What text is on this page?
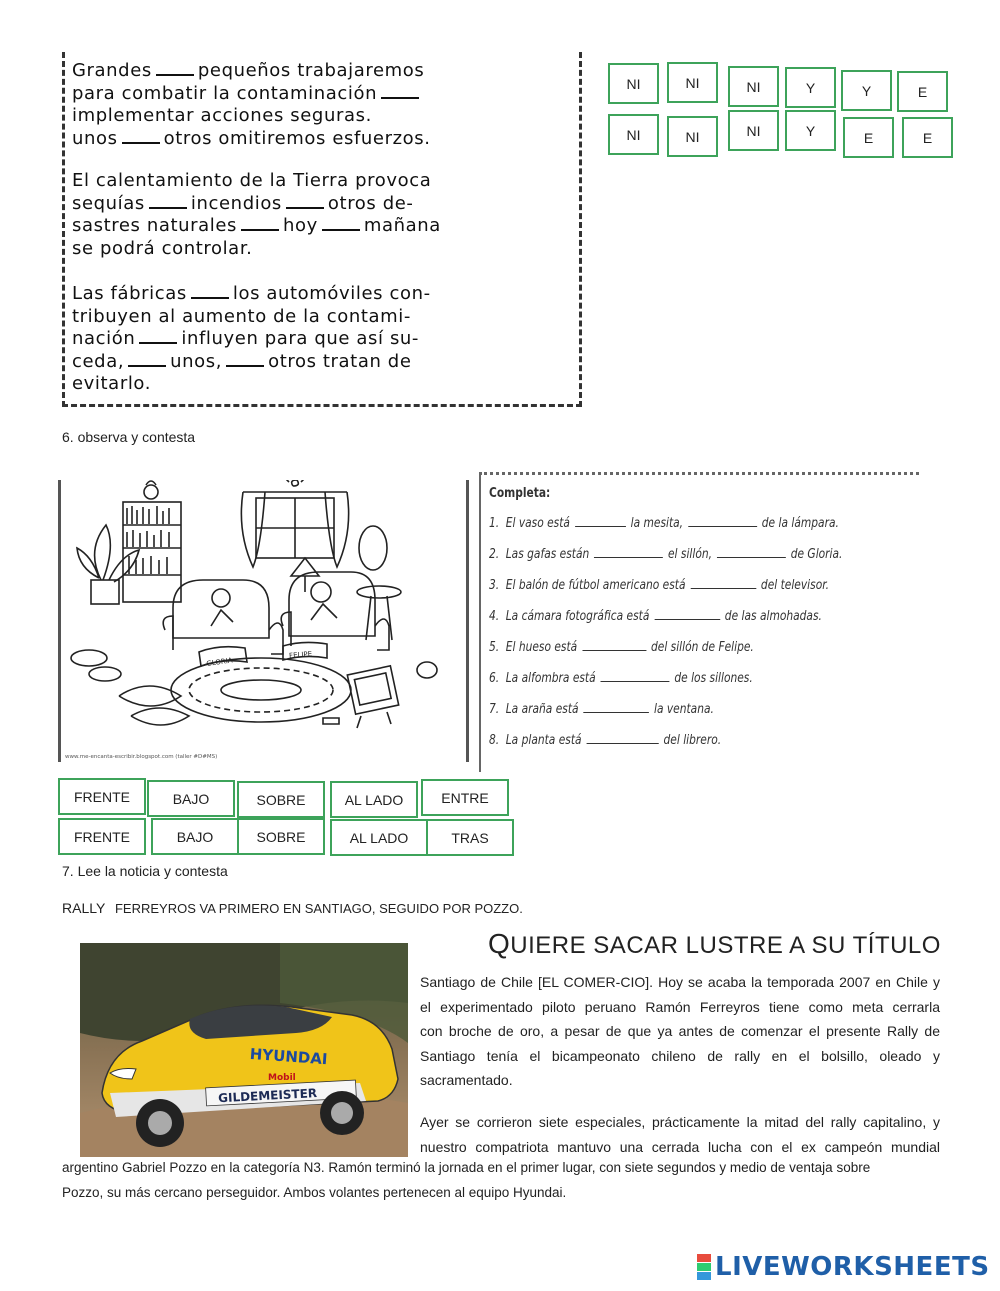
Grandes	pequeños trabajaremos
para combatir la contaminación
implementar acciones seguras.
unos	otros omitiremos esfuerzos.
El calentamiento de la Tierra provoca
sequías	incendios	otros de-
sastres naturales	hoy	mañana
se podrá controlar.
Las fábricas	los automóviles con-
tribuyen al aumento de la contami-
nación	influyen para que así su-
ceda,	unos,	otros tratan de
evitarlo.
NI	NI	NI	Y	Y	E
NI	NI	NI	Y	E	E
6. observa y contesta
GLORIA
FELIPE
www.me-encanta-escribir.blogspot.com (taller #D#MS)
Completa:
1. El vaso está	la mesita,	de la lámpara.
2. Las gafas están	el sillón,	de Gloria.
3. El balón de fútbol americano está	del televisor.
4. La cámara fotográfica está	de las almohadas.
5. El hueso está	del sillón de Felipe.
6. La alfombra está	de los sillones.
7. La araña está	la ventana.
8. La planta está	del librero.
FRENTE	BAJO	SOBRE	AL LADO	ENTRE
FRENTE	BAJO	SOBRE	AL LADO	TRAS
7. Lee la noticia y contesta
RALLY FERREYROS VA PRIMERO EN SANTIAGO, SEGUIDO POR POZZO.
QUIERE SACAR LUSTRE A SU TÍTULO
HYUNDAI
GILDEMEISTER
Mobil

Santiago de Chile [EL COMER-CIO]. Hoy se acaba la temporada 2007 en Chile y

el experimentado piloto peruano Ramón Ferreyros tiene como meta cerrarla

con broche de oro, a pesar de que ya antes de comenzar el presente Rally de

Santiago tenía el bicampeonato chileno de rally en el bolsillo, oleado y

sacramentado.

Ayer se corrieron siete especiales, prácticamente la mitad del rally capitalino, y

nuestro compatriota mantuvo una cerrada lucha con el ex campeón mundial

argentino Gabriel Pozzo en la categoría N3. Ramón terminó la jornada en el primer lugar, con siete segundos y medio de ventaja sobre

Pozzo, su más cercano perseguidor. Ambos volantes pertenecen al equipo Hyundai.

LIVEWORKSHEETS
